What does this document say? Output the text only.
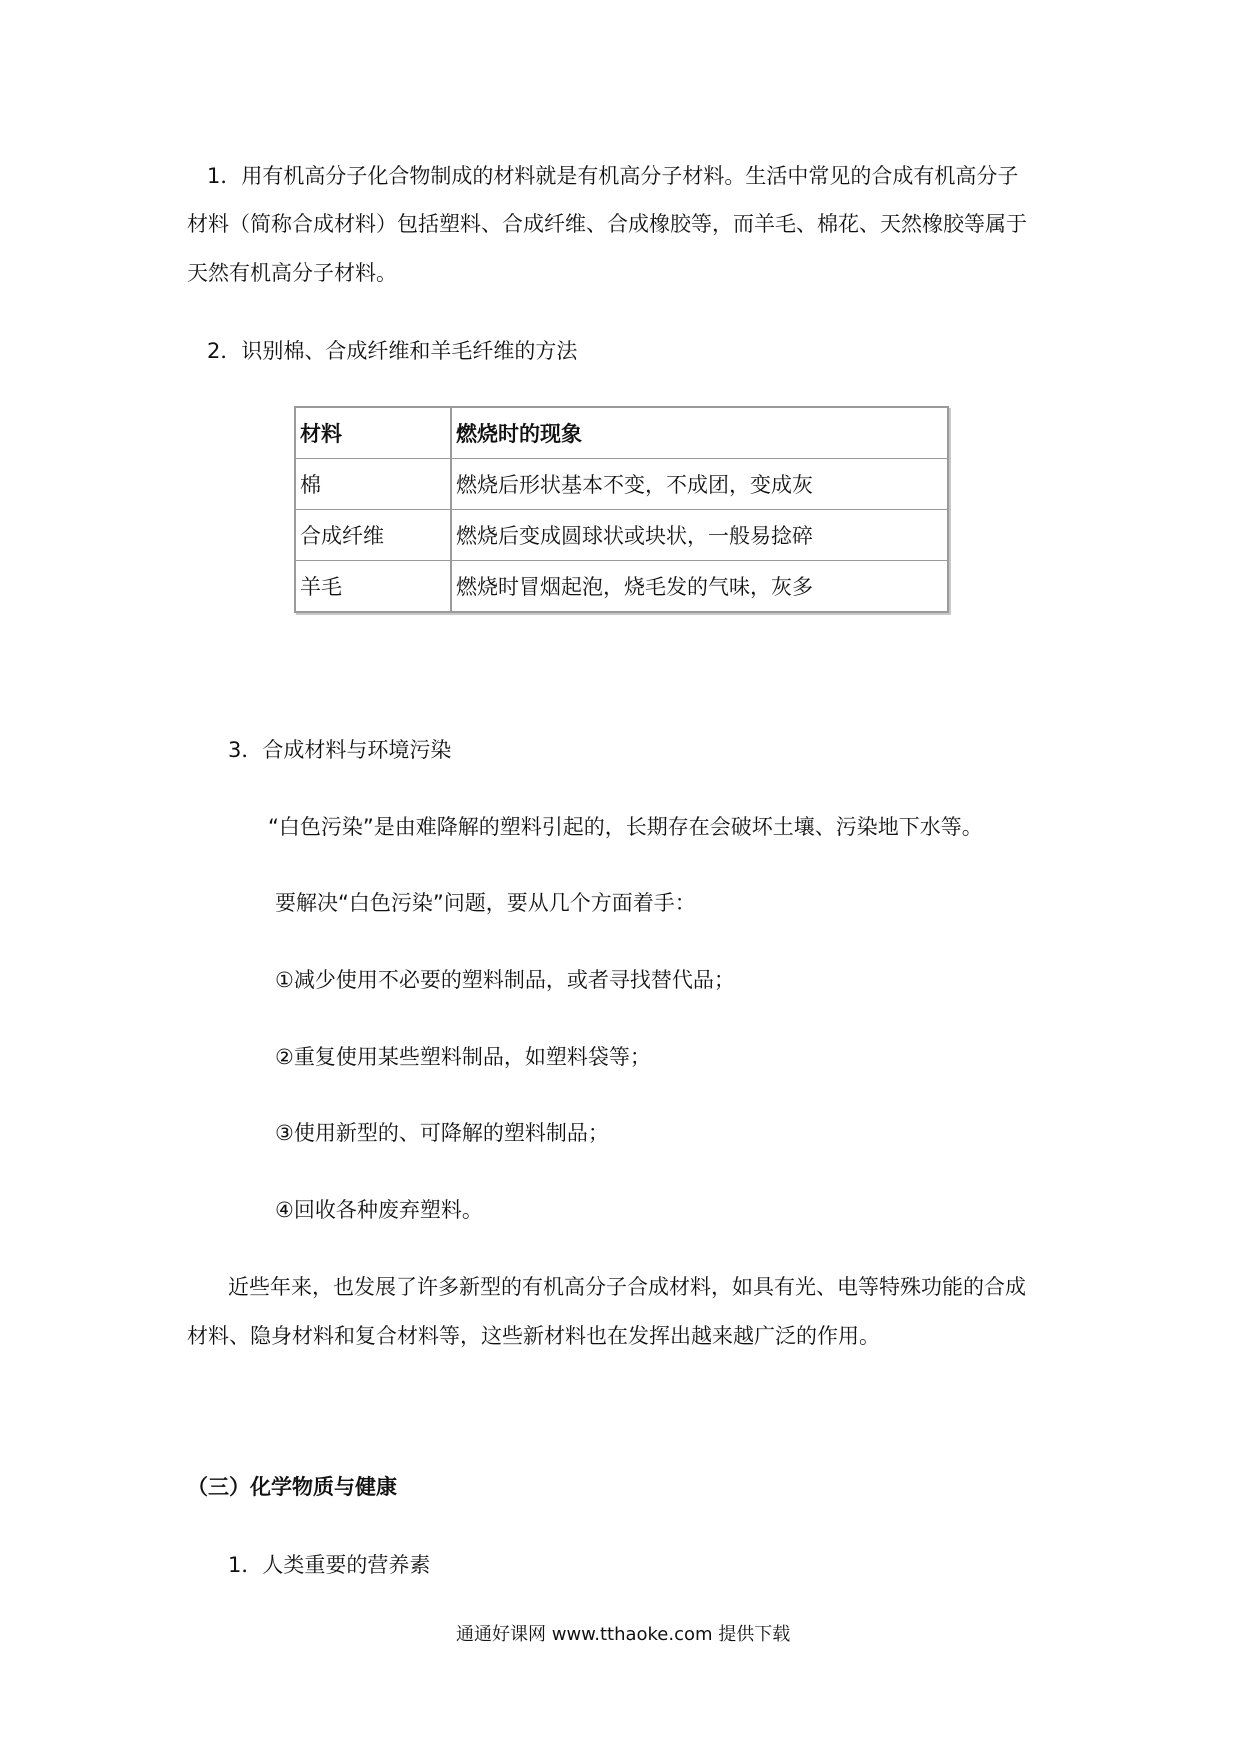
1．用有机高分子化合物制成的材料就是有机高分子材料。生活中常见的合成有机高分子
材料（简称合成材料）包括塑料、合成纤维、合成橡胶等，而羊毛、棉花、天然橡胶等属于
天然有机高分子材料。
2．识别棉、合成纤维和羊毛纤维的方法
材料	燃烧时的现象
棉	燃烧后形状基本不变，不成团，变成灰
合成纤维	燃烧后变成圆球状或块状，一般易捻碎
羊毛	燃烧时冒烟起泡，烧毛发的气味，灰多
3．合成材料与环境污染
“白色污染”是由难降解的塑料引起的，长期存在会破坏土壤、污染地下水等。
要解决“白色污染”问题，要从几个方面着手：
①减少使用不必要的塑料制品，或者寻找替代品；
②重复使用某些塑料制品，如塑料袋等；
③使用新型的、可降解的塑料制品；
④回收各种废弃塑料。
近些年来，也发展了许多新型的有机高分子合成材料，如具有光、电等特殊功能的合成
材料、隐身材料和复合材料等，这些新材料也在发挥出越来越广泛的作用。
（三）化学物质与健康
1．人类重要的营养素
通通好课网 www.tthaoke.com 提供下载
